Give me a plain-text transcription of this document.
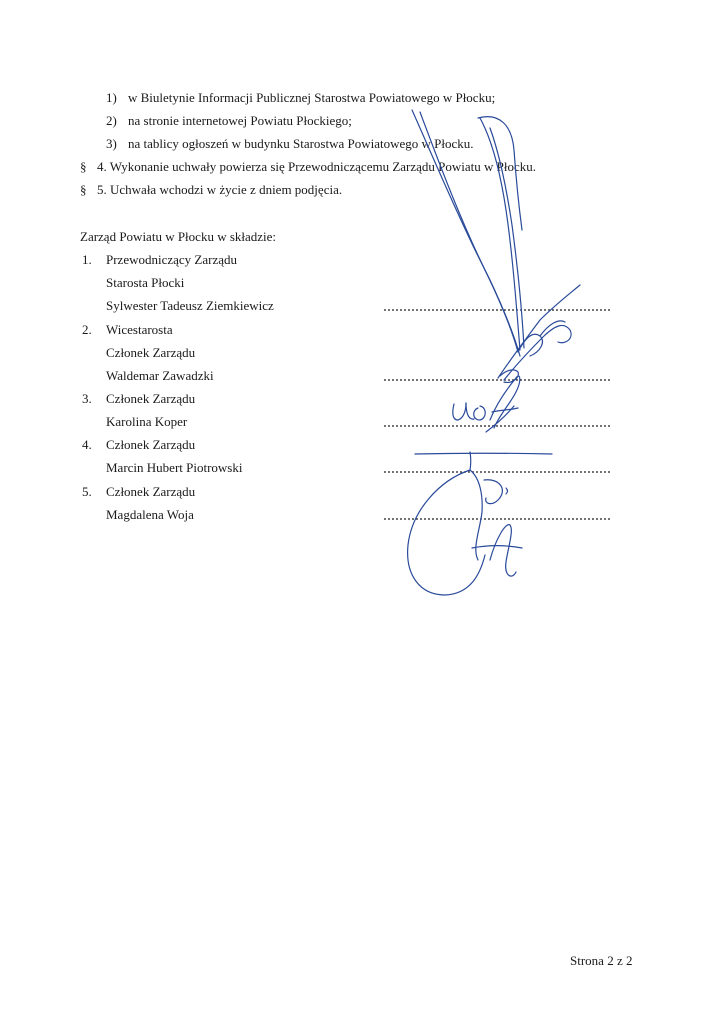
1) w Biuletynie Informacji Publicznej Starostwa Powiatowego w Płocku;
2) na stronie internetowej Powiatu Płockiego;
3) na tablicy ogłoszeń w budynku Starostwa Powiatowego w Płocku.
§ 4. Wykonanie uchwały powierza się Przewodniczącemu Zarządu Powiatu w Płocku.
§ 5. Uchwała wchodzi w życie z dniem podjęcia.
Zarząd Powiatu w Płocku w składzie:
1. Przewodniczący Zarządu
Starosta Płocki
Sylwester Tadeusz Ziemkiewicz
2. Wicestarosta
Członek Zarządu
Waldemar Zawadzki
3. Członek Zarządu
Karolina Koper
4. Członek Zarządu
Marcin Hubert Piotrowski
5. Członek Zarządu
Magdalena Woja
Strona 2 z 2
